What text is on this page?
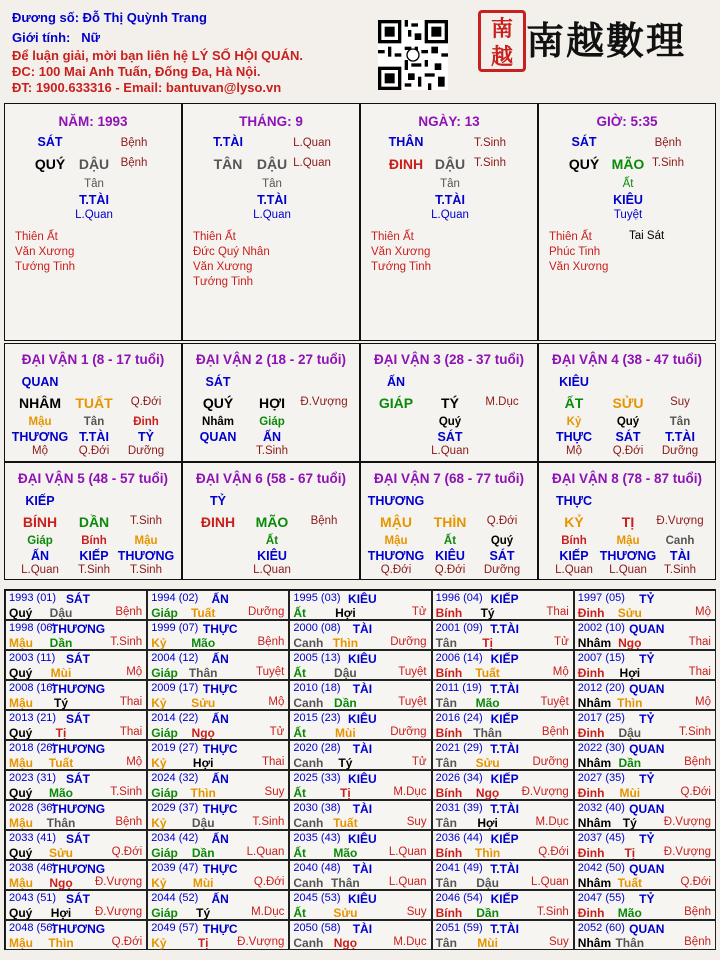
Đương số: Đỗ Thị Quỳnh Trang
Giới tính: Nữ
Để luận giải, mời bạn liên hệ LÝ SỐ HỘI QUÁN.
ĐC: 100 Mai Anh Tuấn, Đống Đa, Hà Nội.
ĐT: 1900.633316 - Email: bantuvan@lyso.vn
南越 南越數理
NĂM: 1993
SÁT	Bệnh
QUÝ DẬU Bệnh
Tân
T.TÀI
L.Quan
Thiên Ất
Văn Xương
Tướng Tinh
THÁNG: 9
T.TÀI	L.Quan
TÂN DẬU L.Quan
Tân
T.TÀI
L.Quan
Thiên Ất
Đức Quý Nhân
Văn Xương
Tướng Tinh
NGÀY: 13
THÂN	T.Sinh
ĐINH DẬU T.Sinh
Tân
T.TÀI
L.Quan
Thiên Ất
Văn Xương
Tướng Tinh
GIỜ: 5:35
SÁT	Bệnh
QUÝ MÃO T.Sinh
Ất
KIÊU
Tuyệt
Tai Sát
Thiên Ất
Phúc Tinh
Văn Xương
ĐẠI VẬN 1 (8 - 17 tuổi)
QUAN
NHÂM TUẤT Q.Đới
Mậu
THƯƠNG
Mộ
Tân
T.TÀI
Q.Đới
Đinh
TỶ
Dưỡng
ĐẠI VẬN 2 (18 - 27 tuổi)
SÁT
QUÝ HỢI Đ.Vượng
Nhâm
QUAN
Giáp
ẤN
T.Sinh
ĐẠI VẬN 3 (28 - 37 tuổi)
ẤN
GIÁP TÝ M.Dục
Quý
SÁT
L.Quan
ĐẠI VẬN 4 (38 - 47 tuổi)
KIÊU
ẤT SỬU Suy
Kỷ
THỰC
Mộ
Quý
SÁT
Q.Đới
Tân
T.TÀI
Dưỡng
ĐẠI VẬN 5 (48 - 57 tuổi)
KIẾP
BÍNH DẦN T.Sinh
Giáp
ẤN
L.Quan
Bính
KIẾP
T.Sinh
Mậu
THƯƠNG
T.Sinh
ĐẠI VẬN 6 (58 - 67 tuổi)
TỶ
ĐINH MÃO Bệnh
Ất
KIÊU
L.Quan
ĐẠI VẬN 7 (68 - 77 tuổi)
THƯƠNG
MẬU THÌN Q.Đới
Mậu
THƯƠNG
Q.Đới
Ất
KIÊU
Q.Đới
Quý
SÁT
Dưỡng
ĐẠI VẬN 8 (78 - 87 tuổi)
THỰC
KỶ	TỊ Đ.Vượng
Bính
KIẾP
L.Quan
Mậu
THƯƠNG
L.Quan
Canh
TÀI
T.Sinh
1993 (01) SÁT
Quý Dậu	Bệnh
1994 (02) ẤN
Giáp Tuất	Dưỡng
1995 (03) KIÊU
Ất Hợi	Tử
1996 (04) KIẾP
Bính Tý	Thai
1997 (05) TỶ
Đinh Sửu	Mộ
1998 (06)
THƯƠNG
Mậu Dần	T.Sinh
1999 (07) THỰC
Kỷ Mão	Bệnh
2000 (08) TÀI
Canh Thìn	Dưỡng
2001 (09) T.TÀI
Tân Tị	Tử
2002 (10) QUAN
Nhâm Ngọ	Thai
2003 (11) SÁT
Quý Mùi	Mộ
2004 (12) ẤN
Giáp Thân	Tuyệt
2005 (13) KIÊU
Ất Dậu	Tuyệt
2006 (14) KIẾP
Bính Tuất	Mộ
2007 (15) TỶ
Đinh Hợi	Thai
2008 (16)
THƯƠNG
Mậu Tý	Thai
2009 (17) THỰC
Kỷ Sửu	Mộ
2010 (18) TÀI
Canh Dần	Tuyệt
2011 (19) T.TÀI
Tân Mão	Tuyệt
2012 (20) QUAN
Nhâm Thìn	Mộ
2013 (21) SÁT
Quý Tị	Thai
2014 (22) ẤN
Giáp Ngọ	Tử
2015 (23) KIÊU
Ất Mùi	Dưỡng
2016 (24) KIẾP
Bính Thân	Bệnh
2017 (25) TỶ
Đinh Dậu	T.Sinh
2018 (26)
THƯƠNG
Mậu Tuất	Mộ
2019 (27) THỰC
Kỷ Hợi	Thai
2020 (28) TÀI
Canh Tý	Tử
2021 (29) T.TÀI
Tân Sửu	Dưỡng
2022 (30) QUAN
Nhâm Dần	Bệnh
2023 (31) SÁT
Quý Mão	T.Sinh
2024 (32) ẤN
Giáp Thìn	Suy
2025 (33) KIÊU
Ất	Tị	M.Dục
2026 (34) KIẾP
Bính Ngọ Đ.Vượng
2027 (35) TỶ
Đinh Mùi	Q.Đới
2028 (36)
THƯƠNG
Mậu Thân	Bệnh
2029 (37) THỰC
Kỷ Dậu	T.Sinh
2030 (38) TÀI
Canh Tuất	Suy
2031 (39) T.TÀI
Tân Hợi	M.Dục
2032 (40) QUAN
Nhâm Tý Đ.Vượng
2033 (41) SÁT
Quý Sửu	Q.Đới
2034 (42) ẤN
Giáp Dần	L.Quan
2035 (43) KIÊU
Ất Mão	L.Quan
2036 (44) KIẾP
Bính Thìn	Q.Đới
2037 (45) TỶ
Đinh Tị Đ.Vượng
2038 (46)
THƯƠNG
Mậu Ngọ Đ.Vượng
2039 (47) THỰC
Kỷ Mùi	Q.Đới
2040 (48) TÀI
Canh Thân	L.Quan
2041 (49) T.TÀI
Tân Dậu	L.Quan
2042 (50) QUAN
Nhâm Tuất	Q.Đới
2043 (51) SÁT
Quý Hợi Đ.Vượng
2044 (52) ẤN
Giáp Tý	M.Dục
2045 (53) KIÊU
Ất Sửu	Suy
2046 (54) KIẾP
Bính Dần	T.Sinh
2047 (55) TỶ
Đinh Mão	Bệnh
2048 (56)
THƯƠNG
Mậu Thìn	Q.Đới
2049 (57) THỰC
Kỷ	Tị Đ.Vượng
2050 (58) TÀI
Canh Ngọ	M.Dục
2051 (59) T.TÀI
Tân Mùi	Suy
2052 (60) QUAN
Nhâm Thân	Bệnh
